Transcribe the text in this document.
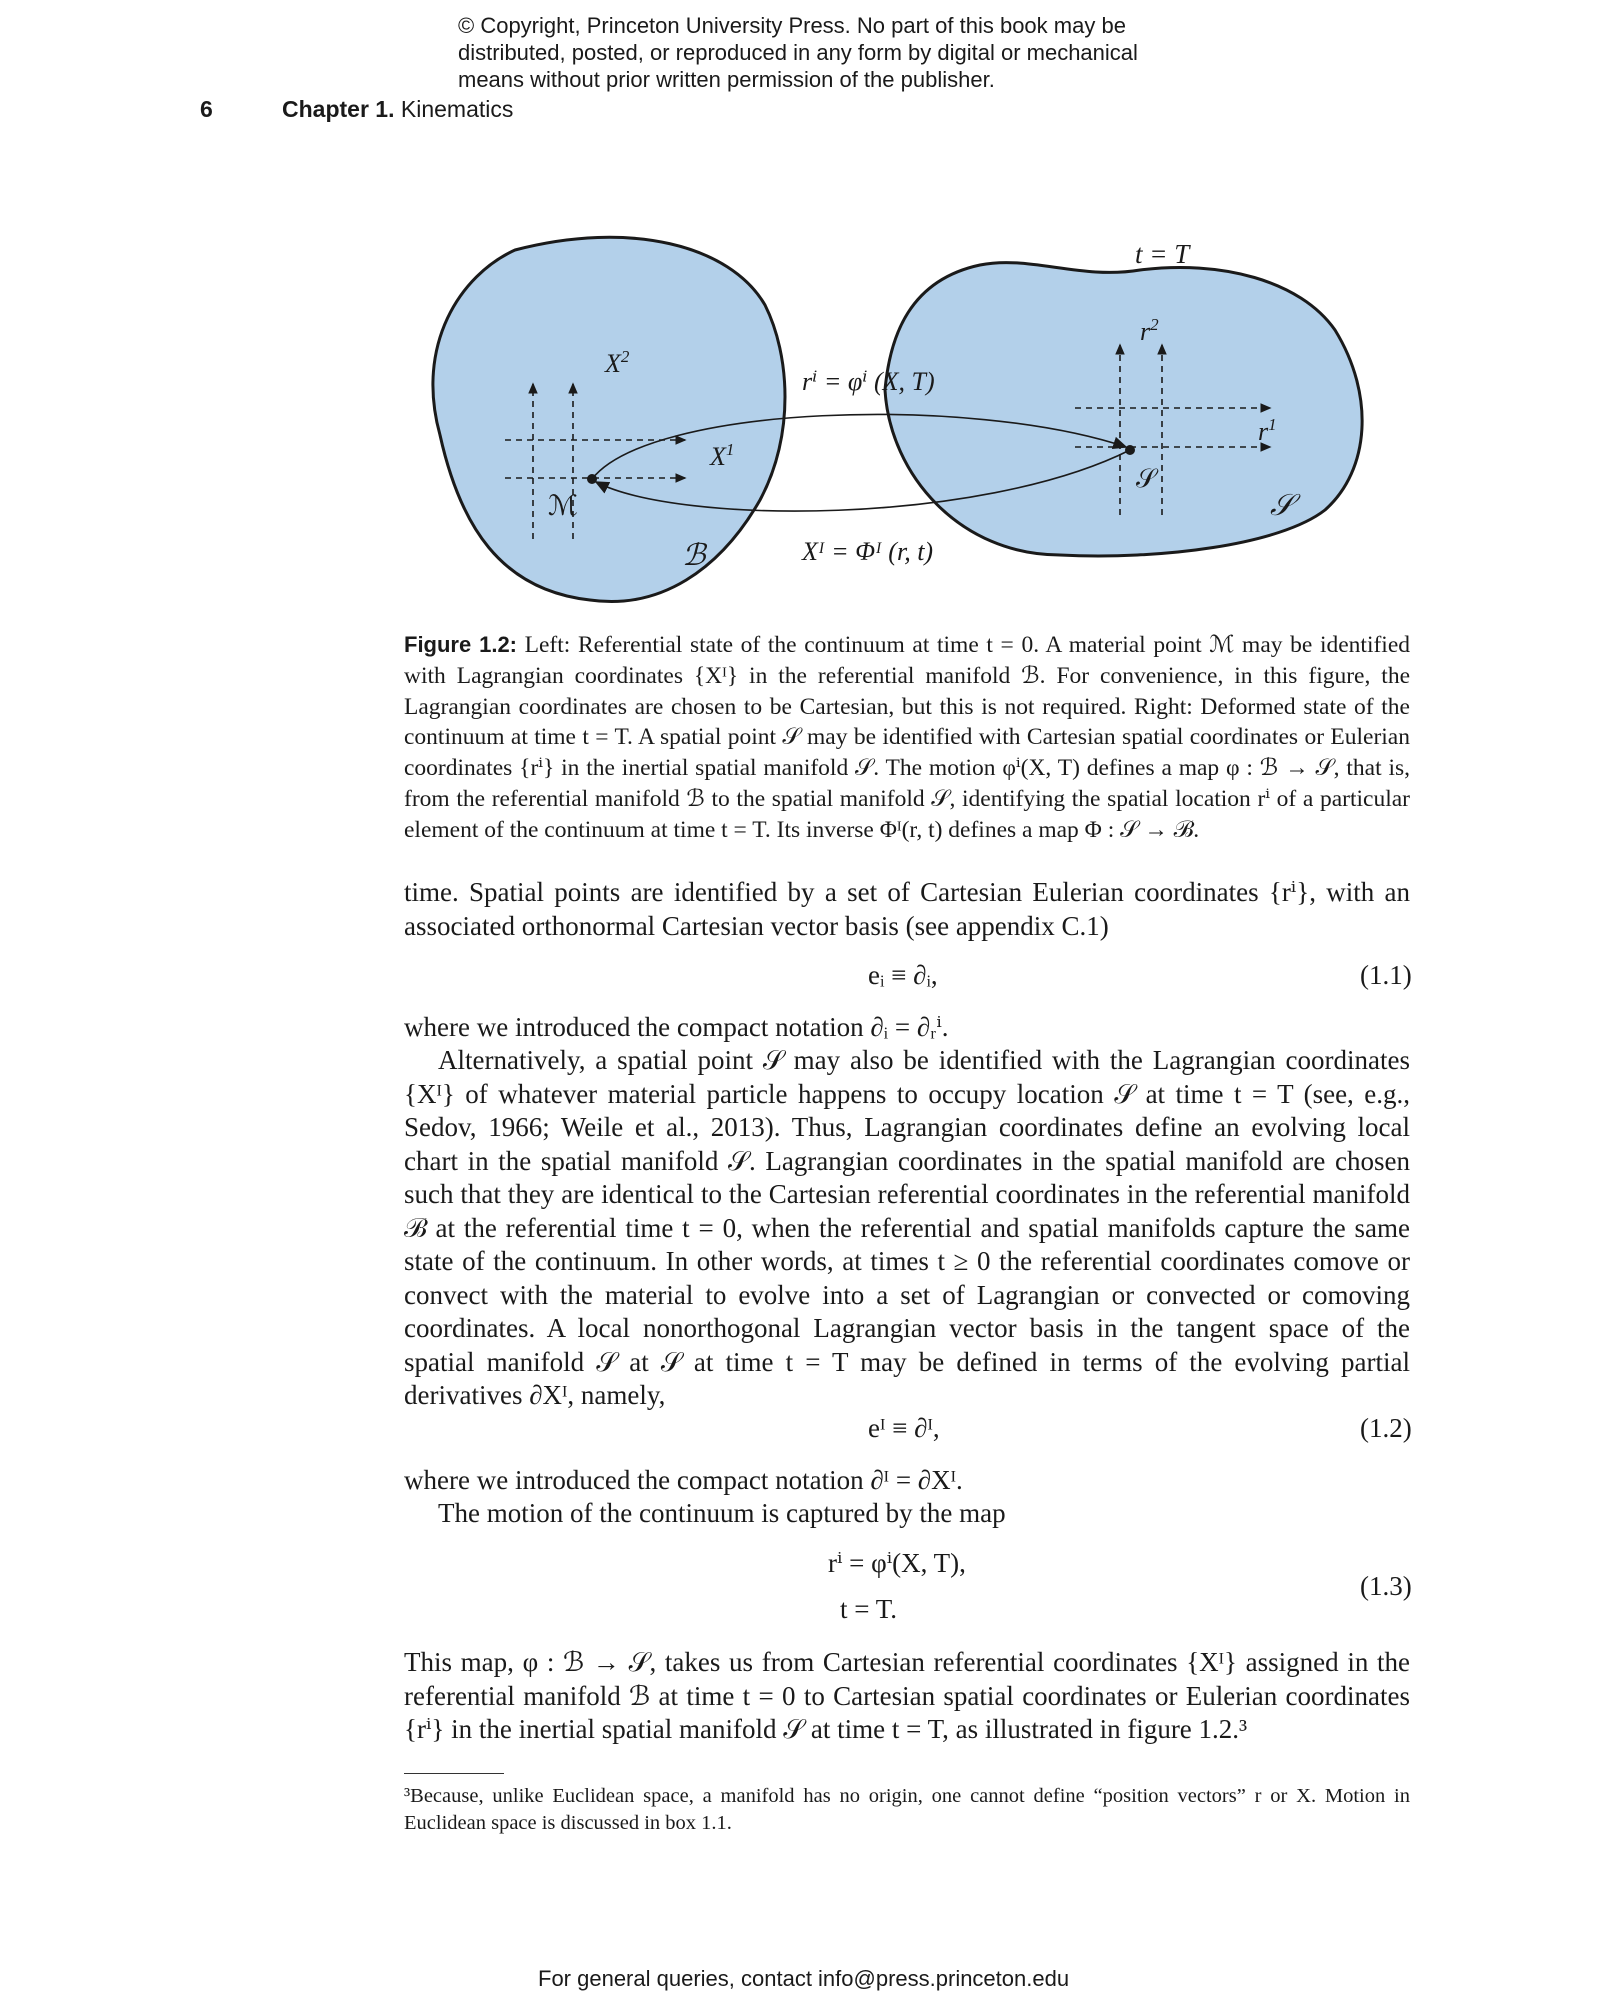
© Copyright, Princeton University Press. No part of this book may be distributed, posted, or reproduced in any form by digital or mechanical means without prior written permission of the publisher.
6	Chapter 1. Kinematics
t = T
$X^2$
$X^1$
$r^2$
$r^1$
ℳ
ℬ
𝒮
𝒮
rⁱ = φⁱ (X, T)
Xᴵ = Φᴵ (r, t)
Figure 1.2: Left: Referential state of the continuum at time t = 0. A material point ℳ may be identified with Lagrangian coordinates {Xᴵ} in the referential manifold ℬ. For convenience, in this figure, the Lagrangian coordinates are chosen to be Cartesian, but this is not required. Right: Deformed state of the continuum at time t = T. A spatial point 𝒮 may be identified with Cartesian spatial coordinates or Eulerian coordinates {rⁱ} in the inertial spatial manifold 𝒮. The motion φⁱ(X, T) defines a map φ : ℬ → 𝒮, that is, from the referential manifold ℬ to the spatial manifold 𝒮, identifying the spatial location rⁱ of a particular element of the continuum at time t = T. Its inverse Φᴵ(r, t) defines a map Φ : 𝒮 → ℬ.
time. Spatial points are identified by a set of Cartesian Eulerian coordinates {rⁱ}, with an associated orthonormal Cartesian vector basis (see appendix C.1)
eᵢ ≡ ∂ᵢ,	(1.1)
where we introduced the compact notation ∂ᵢ = ∂ᵣⁱ.
Alternatively, a spatial point 𝒮 may also be identified with the Lagrangian coordinates {Xᴵ} of whatever material particle happens to occupy location 𝒮 at time t = T (see, e.g., Sedov, 1966; Weile et al., 2013). Thus, Lagrangian coordinates define an evolving local chart in the spatial manifold 𝒮. Lagrangian coordinates in the spatial manifold are chosen such that they are identical to the Cartesian referential coordinates in the referential manifold ℬ at the referential time t = 0, when the referential and spatial manifolds capture the same state of the continuum. In other words, at times t ≥ 0 the referential coordinates comove or convect with the material to evolve into a set of Lagrangian or convected or comoving coordinates. A local nonorthogonal Lagrangian vector basis in the tangent space of the spatial manifold 𝒮 at 𝒮 at time t = T may be defined in terms of the evolving partial derivatives ∂Xᴵ, namely,
eᴵ ≡ ∂ᴵ,	(1.2)
where we introduced the compact notation ∂ᴵ = ∂Xᴵ.
The motion of the continuum is captured by the map
rⁱ = φⁱ(X, T),
t = T.
(1.3)
This map, φ : ℬ → 𝒮, takes us from Cartesian referential coordinates {Xᴵ} assigned in the referential manifold ℬ at time t = 0 to Cartesian spatial coordinates or Eulerian coordinates {rⁱ} in the inertial spatial manifold 𝒮 at time t = T, as illustrated in figure 1.2.³
³Because, unlike Euclidean space, a manifold has no origin, one cannot define “position vectors” r or X. Motion in Euclidean space is discussed in box 1.1.
For general queries, contact info@press.princeton.edu
